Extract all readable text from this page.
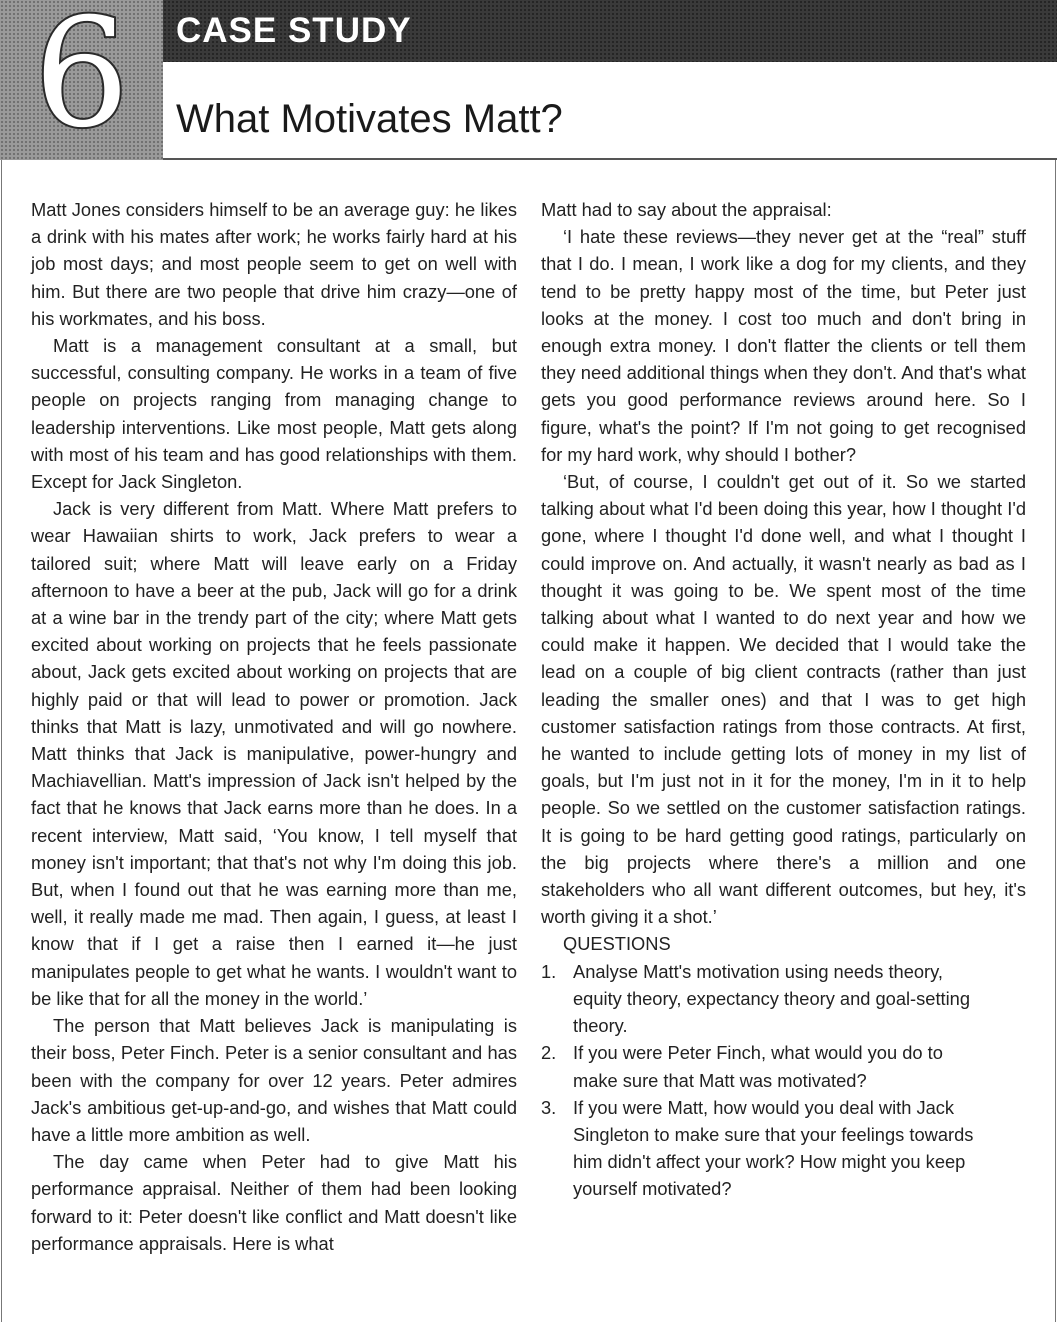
6	CASE STUDY
What Motivates Matt?

Matt Jones considers himself to be an average guy: he likes a drink with his mates after work; he works fairly hard at his job most days; and most people seem to get on well with him. But there are two people that drive him crazy—one of his workmates, and his boss.

Matt is a management consultant at a small, but successful, consulting company. He works in a team of five people on projects ranging from managing change to leadership interventions. Like most people, Matt gets along with most of his team and has good relationships with them. Except for Jack Singleton.

Jack is very different from Matt. Where Matt prefers to wear Hawaiian shirts to work, Jack prefers to wear a tailored suit; where Matt will leave early on a Friday afternoon to have a beer at the pub, Jack will go for a drink at a wine bar in the trendy part of the city; where Matt gets excited about working on projects that he feels passionate about, Jack gets excited about working on projects that are highly paid or that will lead to power or promotion. Jack thinks that Matt is lazy, unmotivated and will go nowhere. Matt thinks that Jack is manipulative, power-hungry and Machiavellian. Matt's impression of Jack isn't helped by the fact that he knows that Jack earns more than he does. In a recent interview, Matt said, ‘You know, I tell myself that money isn't important; that that's not why I'm doing this job. But, when I found out that he was earning more than me, well, it really made me mad. Then again, I guess, at least I know that if I get a raise then I earned it—he just manipulates people to get what he wants. I wouldn't want to be like that for all the money in the world.’

The person that Matt believes Jack is manipulating is their boss, Peter Finch. Peter is a senior consultant and has been with the company for over 12 years. Peter admires Jack's ambitious get-up-and-go, and wishes that Matt could have a little more ambition as well.

The day came when Peter had to give Matt his performance appraisal. Neither of them had been looking forward to it: Peter doesn't like conflict and Matt doesn't like performance appraisals. Here is what

Matt had to say about the appraisal:

‘I hate these reviews—they never get at the “real” stuff that I do. I mean, I work like a dog for my clients, and they tend to be pretty happy most of the time, but Peter just looks at the money. I cost too much and don't bring in enough extra money. I don't flatter the clients or tell them they need additional things when they don't. And that's what gets you good performance reviews around here. So I figure, what's the point? If I'm not going to get recognised for my hard work, why should I bother?

‘But, of course, I couldn't get out of it. So we started talking about what I'd been doing this year, how I thought I'd gone, where I thought I'd done well, and what I thought I could improve on. And actually, it wasn't nearly as bad as I thought it was going to be. We spent most of the time talking about what I wanted to do next year and how we could make it happen. We decided that I would take the lead on a couple of big client contracts (rather than just leading the smaller ones) and that I was to get high customer satisfaction ratings from those contracts. At first, he wanted to include getting lots of money in my list of goals, but I'm just not in it for the money, I'm in it to help people. So we settled on the customer satisfaction ratings. It is going to be hard getting good ratings, particularly on the big projects where there's a million and one stakeholders who all want different outcomes, but hey, it's worth giving it a shot.’

QUESTIONS

1. Analyse Matt's motivation using needs theory, equity theory, expectancy theory and goal-setting theory.
2. If you were Peter Finch, what would you do to make sure that Matt was motivated?
3. If you were Matt, how would you deal with Jack Singleton to make sure that your feelings towards him didn't affect your work? How might you keep yourself motivated?
